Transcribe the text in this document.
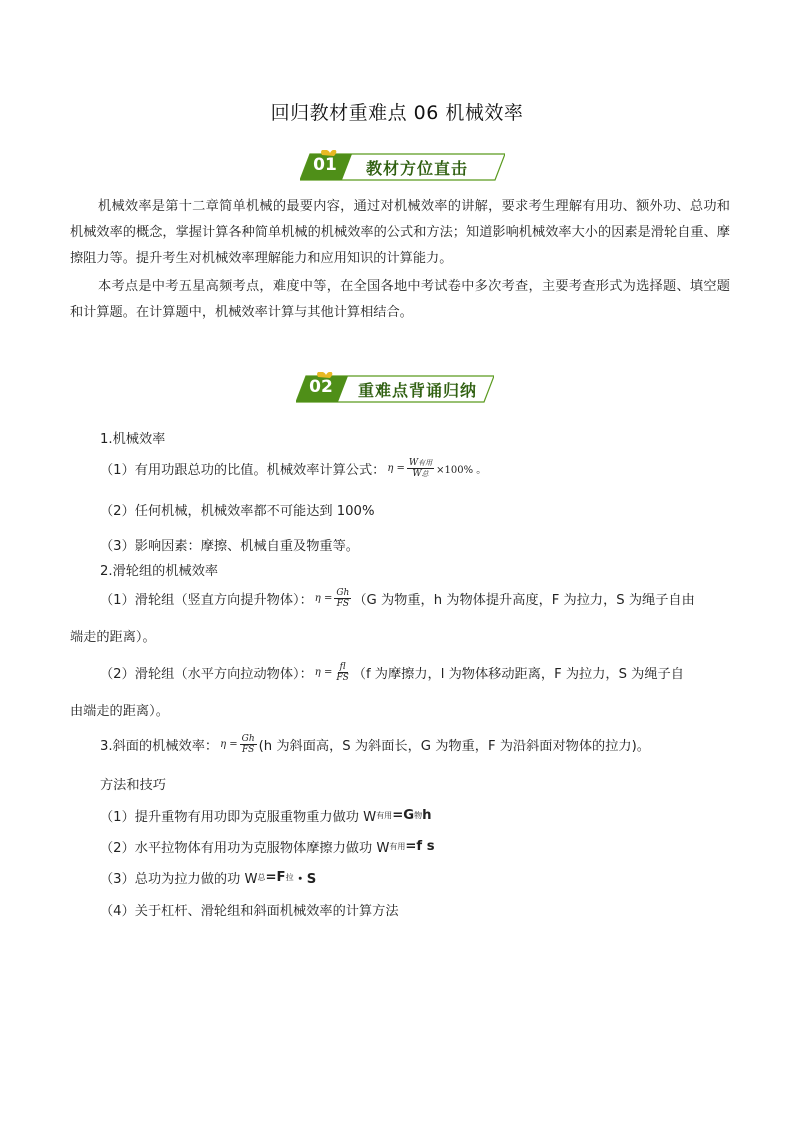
回归教材重难点 06 机械效率
01	教材方位直击
机械效率是第十二章简单机械的最要内容，通过对机械效率的讲解，要求考生理解有用功、额外功、总功和机械效率的概念，掌握计算各种简单机械的机械效率的公式和方法；知道影响机械效率大小的因素是滑轮自重、摩擦阻力等。提升考生对机械效率理解能力和应用知识的计算能力。
本考点是中考五星高频考点，难度中等，在全国各地中考试卷中多次考查，主要考查形式为选择题、填空题和计算题。在计算题中，机械效率计算与其他计算相结合。
02	重难点背诵归纳
1.机械效率
（1）有用功跟总功的比值。机械效率计算公式： $\eta = \frac{\text{W有用}}{\text{W总}} \times 100\%$ 。
（2）任何机械，机械效率都不可能达到 100%
（3）影响因素：摩擦、机械自重及物重等。
2.滑轮组的机械效率
（1）滑轮组（竖直方向提升物体）： $\eta = \frac{Gh}{FS} (G$ 为物重，h 为物体提升高度，F 为拉力，S 为绳子自由
端走的距离）。
（2）滑轮组（水平方向拉动物体）： $\eta = \frac{fl}{FS} (f$ 为摩擦力，l 为物体移动距离，F 为拉力，S 为绳子自
由端走的距离）。
3.斜面的机械效率： $\eta = \frac{Gh}{FS} (h$ 为斜面高，S 为斜面长，G 为物重，F 为沿斜面对物体的拉力)。
方法和技巧
（1）提升重物有用功即为克服重物重力做功 W 有用 =G 物 h
（2）水平拉物体有用功为克服物体摩擦力做功 W 有用 =f s
（3）总功为拉力做的功 W 总 =F 拉 ・S
（4）关于杠杆、滑轮组和斜面机械效率的计算方法
